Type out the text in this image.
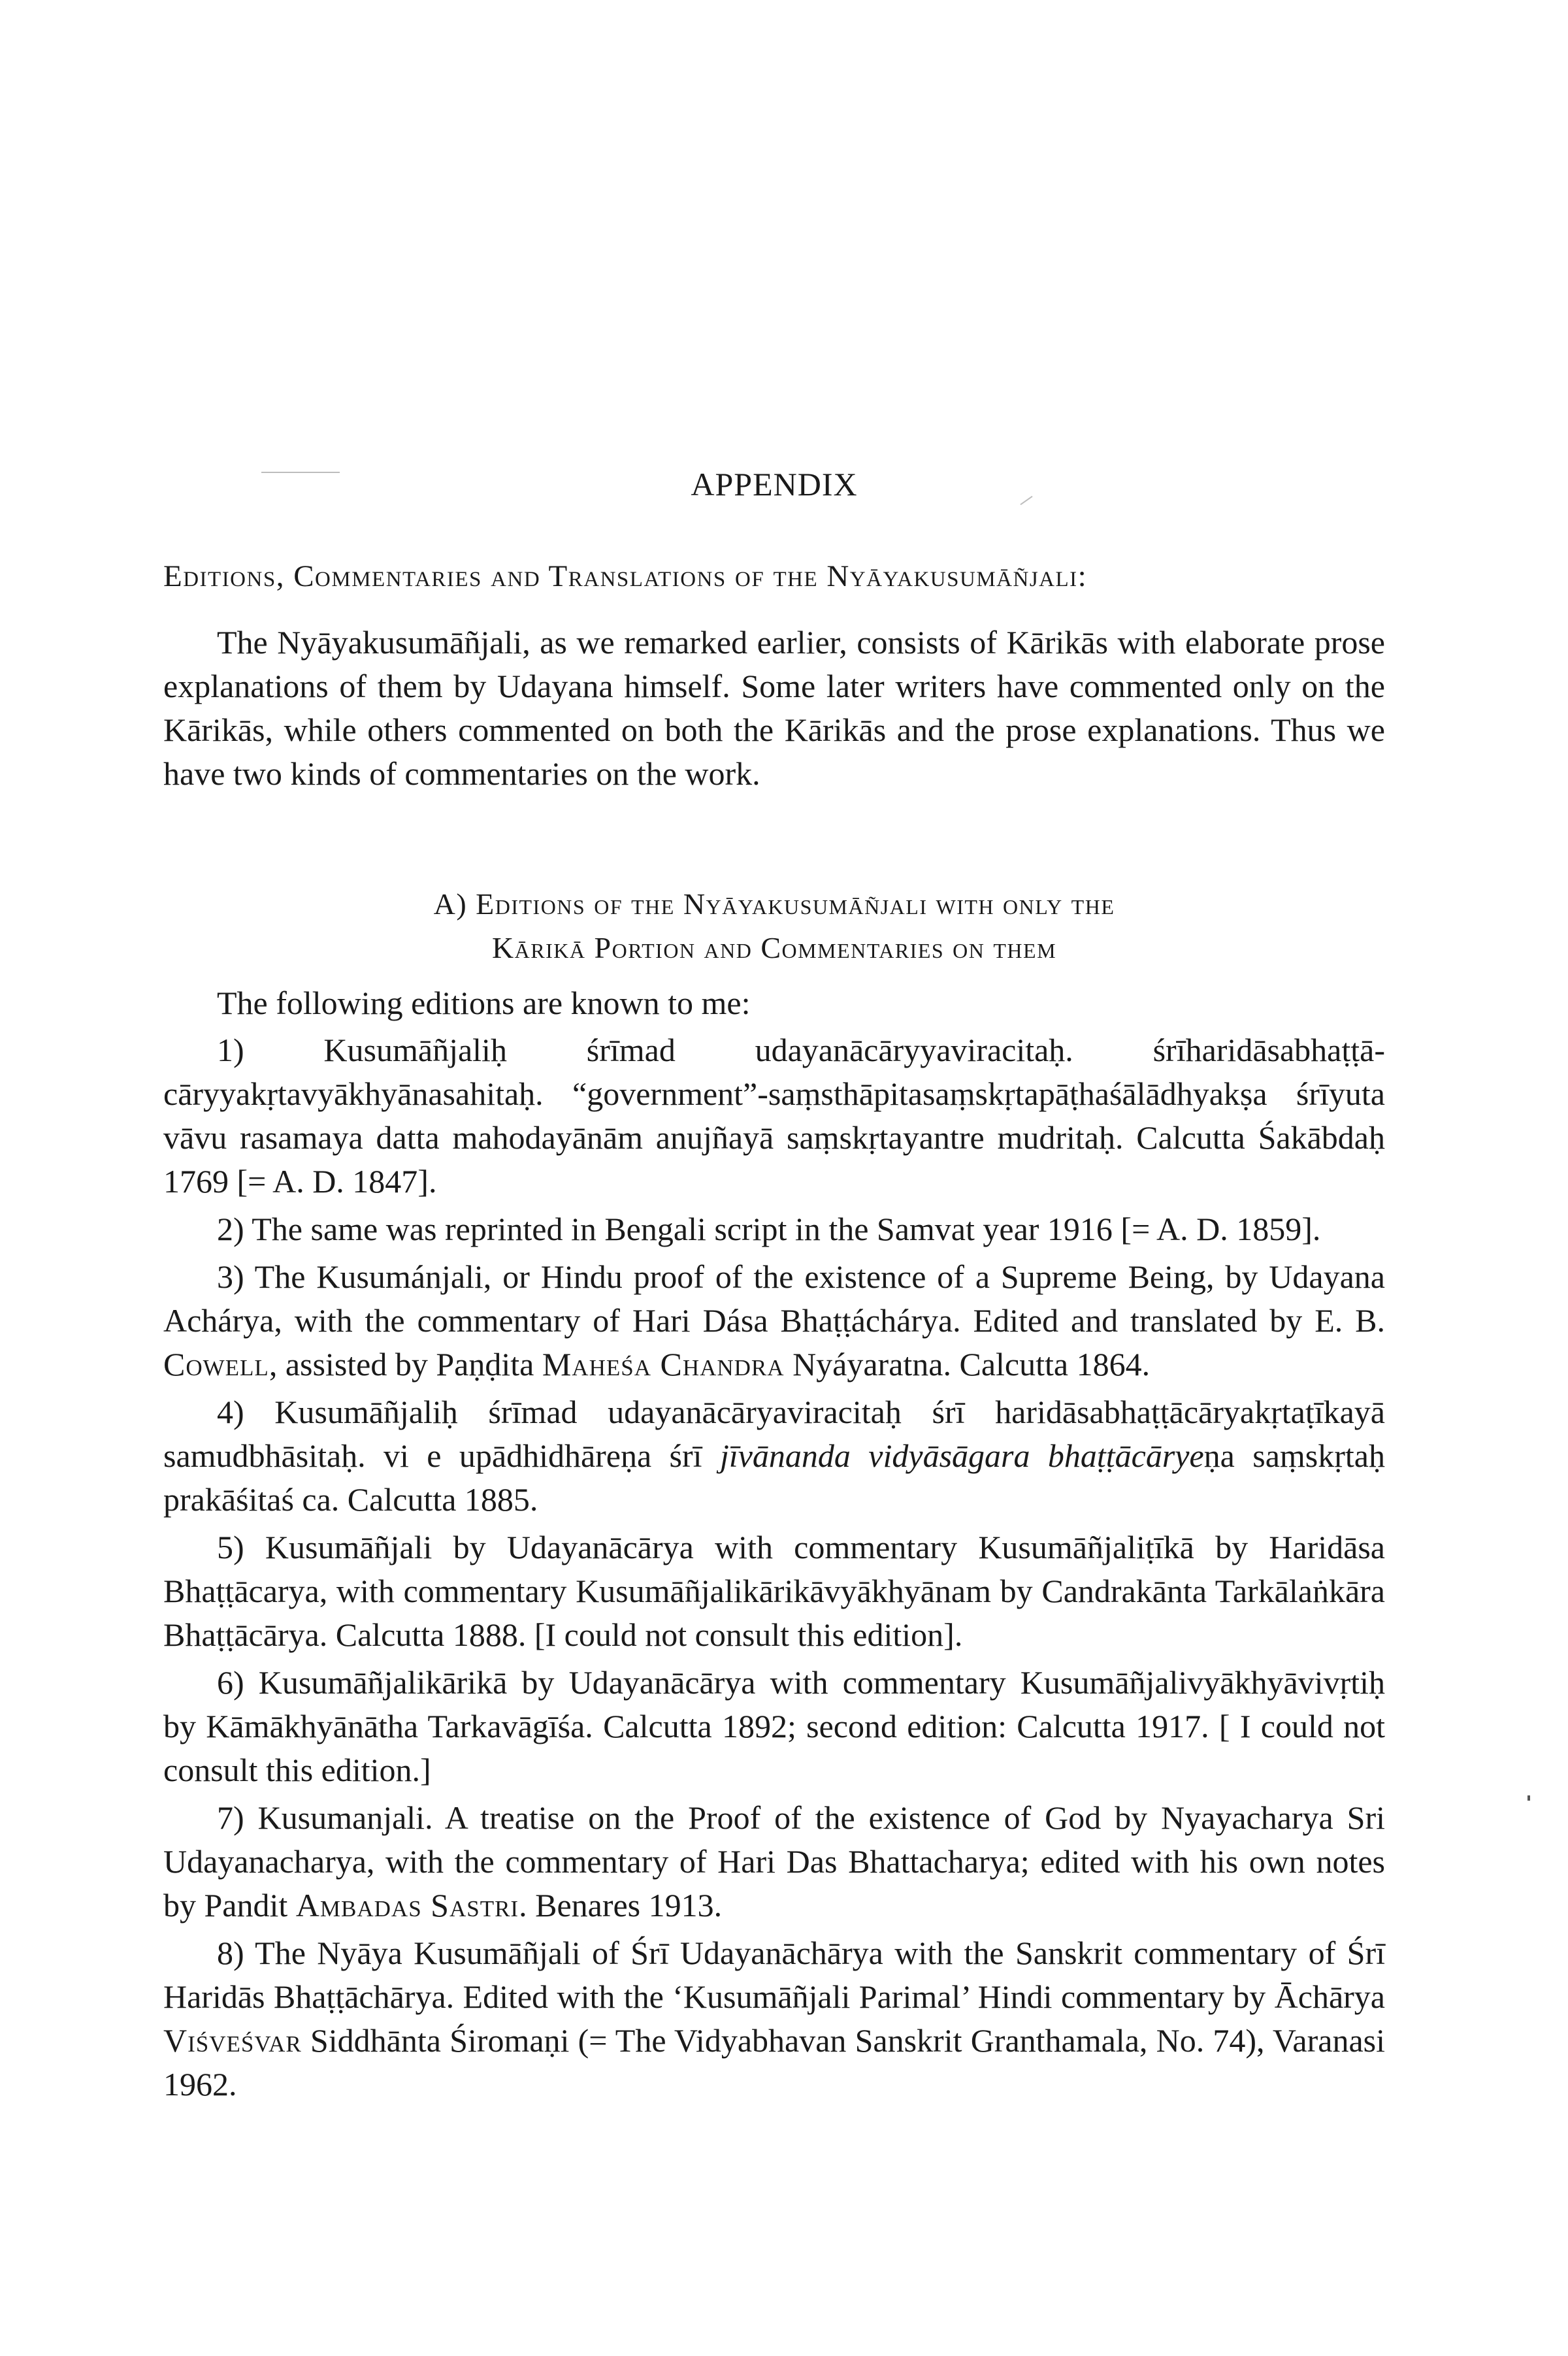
APPENDIX
Editions, Commentaries and Translations of the Nyāyakusumāñjali:

The Nyāyakusumāñjali, as we remarked earlier, consists of Kārikās with elaborate prose explanations of them by Udayana himself. Some later writers have commented only on the Kārikās, while others commented on both the Kārikās and the prose explanations. Thus we have two kinds of commentaries on the work.

A) Editions of the Nyāyakusumāñjali with only the
Kārikā Portion and Commentaries on them
The following editions are known to me:

1) Kusumāñjaliḥ śrīmad udayanācāryyaviracitaḥ. śrīharidāsabhaṭṭācāryyakṛtavyākhyānasahitaḥ. “government”-saṃsthāpitasaṃskṛtapāṭhaśālādhyakṣa śrīyuta vāvu rasamaya datta mahodayānām anujñayā saṃskṛtayantre mudritaḥ. Calcutta Śakābdaḥ 1769 [= A. D. 1847].

2) The same was reprinted in Bengali script in the Samvat year 1916 [= A. D. 1859].

3) The Kusumánjali, or Hindu proof of the existence of a Supreme Being, by Udayana Achárya, with the commentary of Hari Dása Bhaṭṭáchárya. Edited and translated by E. B. Cowell, assisted by Paṇḍita Maheśa Chandra Nyáyaratna. Calcutta 1864.

4) Kusumāñjaliḥ śrīmad udayanācāryaviracitaḥ śrī haridāsabhaṭṭācāryakṛtaṭīkayā samudbhāsitaḥ. vi e upādhidhāreṇa śrī jīvānanda vidyāsāgara bhaṭṭācāryeṇa saṃskṛtaḥ prakāśitaś ca. Calcutta 1885.

5) Kusumāñjali by Udayanācārya with commentary Kusumāñjaliṭīkā by Haridāsa Bhaṭṭācarya, with commentary Kusumāñjalikārikāvyākhyānam by Candrakānta Tarkālaṅkāra Bhaṭṭācārya. Calcutta 1888. [I could not consult this edition].

6) Kusumāñjalikārikā by Udayanācārya with commentary Kusumāñjalivyākhyāvivṛtiḥ by Kāmākhyānātha Tarkavāgīśa. Calcutta 1892; second edition: Calcutta 1917. [ I could not consult this edition.]

7) Kusumanjali. A treatise on the Proof of the existence of God by Nyayacharya Sri Udayanacharya, with the commentary of Hari Das Bhattacharya; edited with his own notes by Pandit Ambadas Sastri. Benares 1913.

8) The Nyāya Kusumāñjali of Śrī Udayanāchārya with the Sanskrit commentary of Śrī Haridās Bhaṭṭāchārya. Edited with the ‘Kusumāñjali Parimal’ Hindi commentary by Āchārya Viśveśvar Siddhānta Śiromaṇi (= The Vidyabhavan Sanskrit Granthamala, No. 74), Varanasi 1962.
